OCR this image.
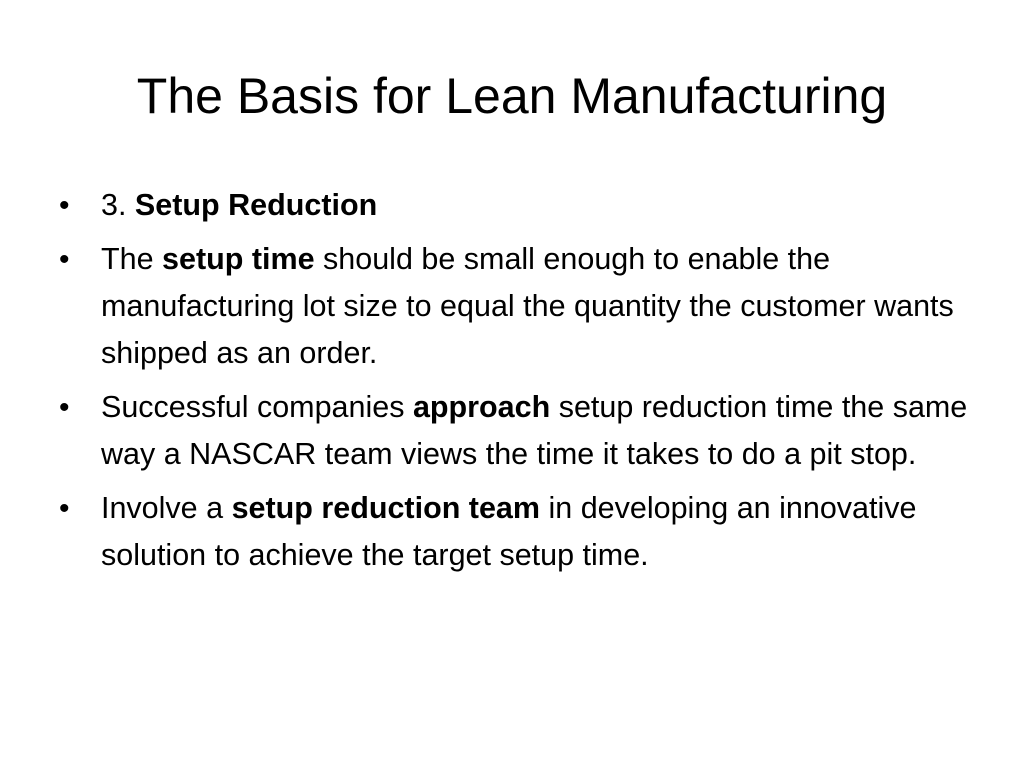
The Basis for Lean Manufacturing
• 3. Setup Reduction
• The setup time should be small enough to enable the manufacturing lot size to equal the quantity the customer wants shipped as an order.
• Successful companies approach setup reduction time the same way a NASCAR team views the time it takes to do a pit stop.
• Involve a setup reduction team in developing an innovative solution to achieve the target setup time.
